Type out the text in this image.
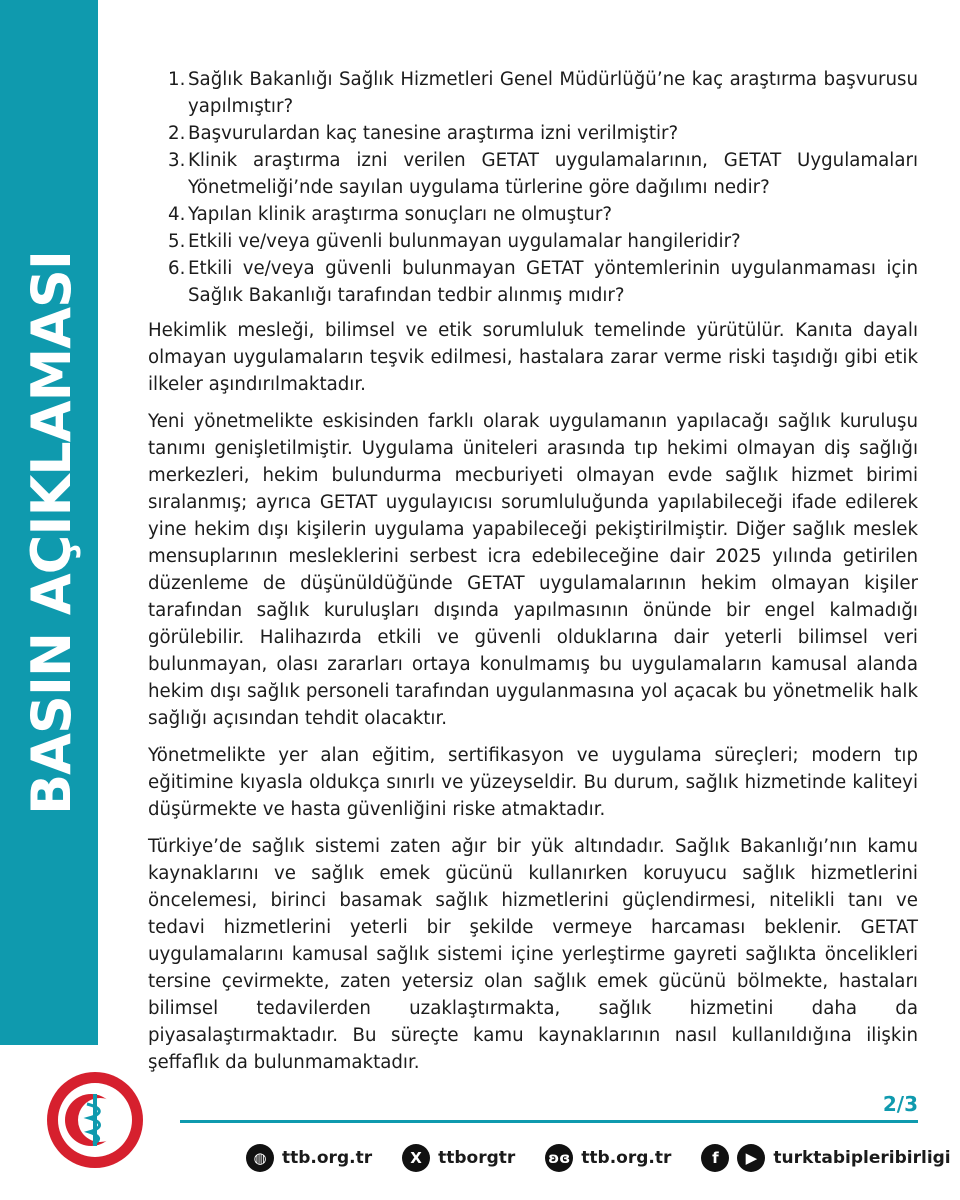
BASIN AÇIKLAMASI
1. Sağlık Bakanlığı Sağlık Hizmetleri Genel Müdürlüğü’ne kaç araştırma başvurusu yapılmıştır?
2. Başvurulardan kaç tanesine araştırma izni verilmiştir?
3. Klinik araştırma izni verilen GETAT uygulamalarının, GETAT Uygulamaları Yönetmeliği’nde sayılan uygulama türlerine göre dağılımı nedir?
4. Yapılan klinik araştırma sonuçları ne olmuştur?
5. Etkili ve/veya güvenli bulunmayan uygulamalar hangileridir?
6. Etkili ve/veya güvenli bulunmayan GETAT yöntemlerinin uygulanmaması için Sağlık Bakanlığı tarafından tedbir alınmış mıdır?

Hekimlik mesleği, bilimsel ve etik sorumluluk temelinde yürütülür. Kanıta dayalı olmayan uygulamaların teşvik edilmesi, hastalara zarar verme riski taşıdığı gibi etik ilkeler aşındırılmaktadır.

Yeni yönetmelikte eskisinden farklı olarak uygulamanın yapılacağı sağlık kuruluşu tanımı genişletilmiştir. Uygulama üniteleri arasında tıp hekimi olmayan diş sağlığı merkezleri, hekim bulundurma mecburiyeti olmayan evde sağlık hizmet birimi sıralanmış; ayrıca GETAT uygulayıcısı sorumluluğunda yapılabileceği ifade edilerek yine hekim dışı kişilerin uygulama yapabileceği pekiştirilmiştir. Diğer sağlık meslek mensuplarının mesleklerini serbest icra edebileceğine dair 2025 yılında getirilen düzenleme de düşünüldüğünde GETAT uygulamalarının hekim olmayan kişiler tarafından sağlık kuruluşları dışında yapılmasının önünde bir engel kalmadığı görülebilir. Halihazırda etkili ve güvenli olduklarına dair yeterli bilimsel veri bulunmayan, olası zararları ortaya konulmamış bu uygulamaların kamusal alanda hekim dışı sağlık personeli tarafından uygulanmasına yol açacak bu yönetmelik halk sağlığı açısından tehdit olacaktır.

Yönetmelikte yer alan eğitim, sertifikasyon ve uygulama süreçleri; modern tıp eğitimine kıyasla oldukça sınırlı ve yüzeyseldir. Bu durum, sağlık hizmetinde kaliteyi düşürmekte ve hasta güvenliğini riske atmaktadır.

Türkiye’de sağlık sistemi zaten ağır bir yük altındadır. Sağlık Bakanlığı’nın kamu kaynaklarını ve sağlık emek gücünü kullanırken koruyucu sağlık hizmetlerini öncelemesi, birinci basamak sağlık hizmetlerini güçlendirmesi, nitelikli tanı ve tedavi hizmetlerini yeterli bir şekilde vermeye harcaması beklenir. GETAT uygulamalarını kamusal sağlık sistemi içine yerleştirme gayreti sağlıkta öncelikleri tersine çevirmekte, zaten yetersiz olan sağlık emek gücünü bölmekte, hastaları bilimsel tedavilerden uzaklaştırmakta, sağlık hizmetini daha da piyasalaştırmaktadır. Bu süreçte kamu kaynaklarının nasıl kullanıldığına ilişkin şeffaflık da bulunmamaktadır.

2/3
◍ ttb.org.tr	X ttborgtr ʚɞ ttb.org.tr	f	▶ turktabipleribirligi
